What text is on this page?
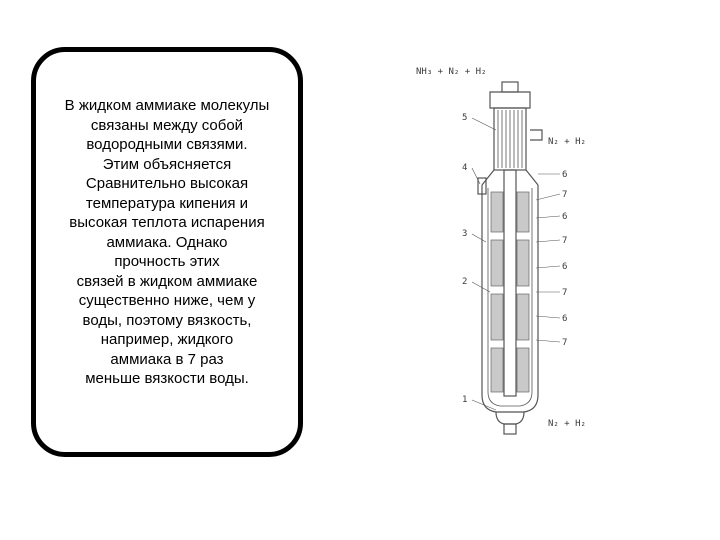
В жидком аммиаке молекулы
связаны между собой
водородными связями.
Этим объясняется
Сравнительно высокая
температура кипения и
высокая теплота испарения
аммиака. Однако
прочность этих
связей в жидком аммиаке
существенно ниже, чем у
воды, поэтому вязкость,
например, жидкого
аммиака в 7 раз
меньше вязкости воды.
NH₃ + N₂ + H₂
N₂ + H₂
N₂ + H₂
5
4
3
2
1
6
7
6
7
6
7
6
7
